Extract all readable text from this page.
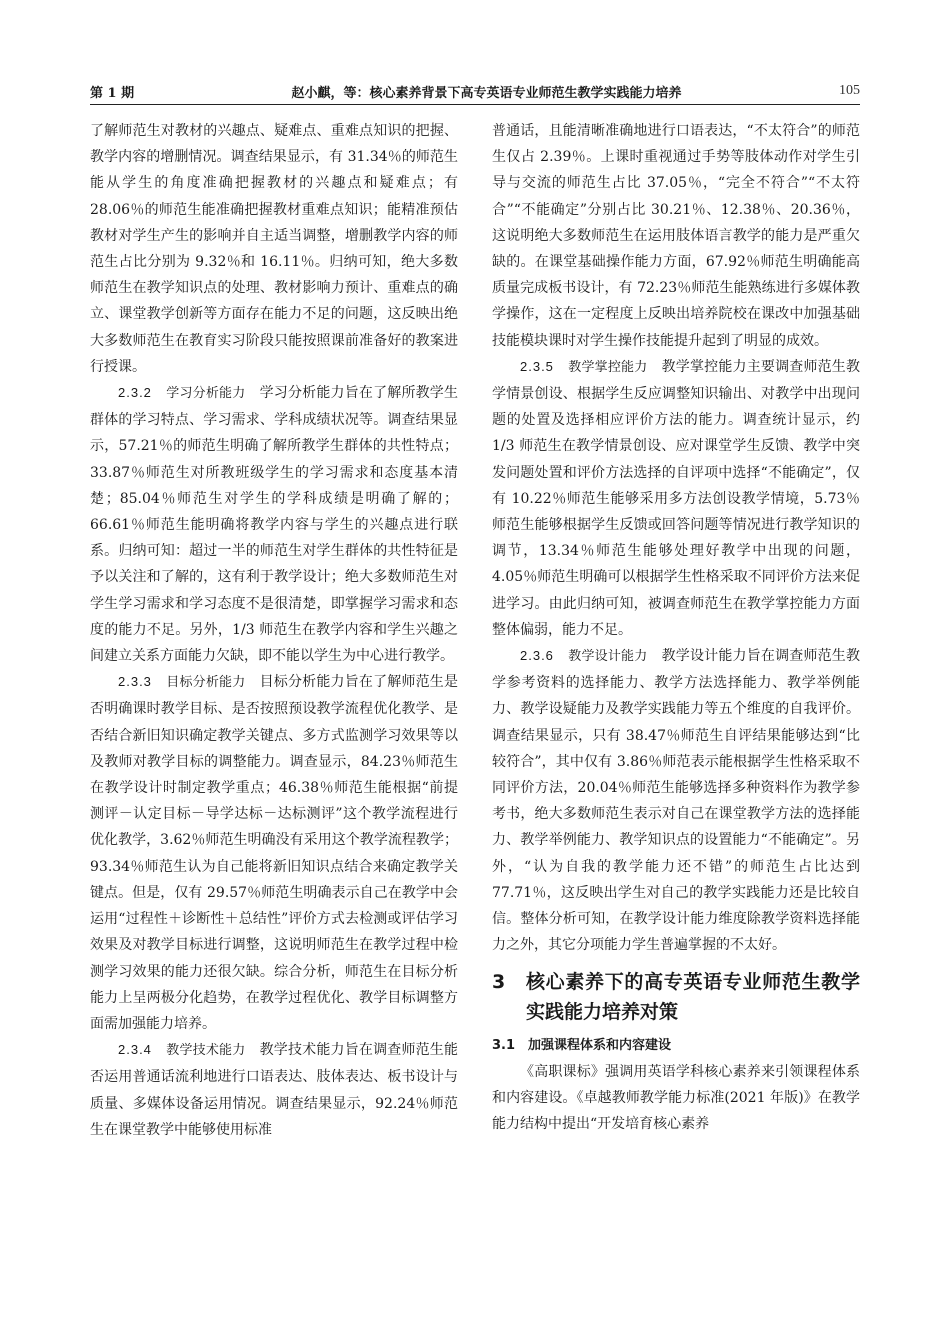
第 1 期	赵小麒，等：核心素养背景下高专英语专业师范生教学实践能力培养	105

了解师范生对教材的兴趣点、疑难点、重难点知识的把握、教学内容的增删情况。调查结果显示，有 31.34％的师范生能从学生的角度准确把握教材的兴趣点和疑难点；有 28.06％的师范生能准确把握教材重难点知识；能精准预估教材对学生产生的影响并自主适当调整，增删教学内容的师范生占比分别为 9.32％和 16.11％。归纳可知，绝大多数师范生在教学知识点的处理、教材影响力预计、重难点的确立、课堂教学创新等方面存在能力不足的问题，这反映出绝大多数师范生在教育实习阶段只能按照课前准备好的教案进行授课。

2.3.2　 学习分析能力　 学习分析能力旨在了解所教学生群体的学习特点、学习需求、学科成绩状况等。调查结果显示，57.21％的师范生明确了解所教学生群体的共性特点；33.87％师范生对所教班级学生的学习需求和态度基本清楚；85.04％师范生对学生的学科成绩是明确了解的；66.61％师范生能明确将教学内容与学生的兴趣点进行联系。归纳可知：超过一半的师范生对学生群体的共性特征是予以关注和了解的，这有利于教学设计；绝大多数师范生对学生学习需求和学习态度不是很清楚，即掌握学习需求和态度的能力不足。另外，1/3 师范生在教学内容和学生兴趣之间建立关系方面能力欠缺，即不能以学生为中心进行教学。

2.3.3　 目标分析能力　 目标分析能力旨在了解师范生是否明确课时教学目标、是否按照预设教学流程优化教学、是否结合新旧知识确定教学关键点、多方式监测学习效果等以及教师对教学目标的调整能力。调查显示，84.23％师范生在教学设计时制定教学重点；46.38％师范生能根据“前提测评－认定目标－导学达标－达标测评”这个教学流程进行优化教学，3.62％师范生明确没有采用这个教学流程教学；93.34％师范生认为自己能将新旧知识点结合来确定教学关键点。但是，仅有 29.57％师范生明确表示自己在教学中会运用“过程性＋诊断性＋总结性”评价方式去检测或评估学习效果及对教学目标进行调整，这说明师范生在教学过程中检测学习效果的能力还很欠缺。综合分析，师范生在目标分析能力上呈两极分化趋势，在教学过程优化、教学目标调整方面需加强能力培养。

2.3.4　 教学技术能力　 教学技术能力旨在调查师范生能否运用普通话流利地进行口语表达、肢体表达、板书设计与质量、多媒体设备运用情况。调查结果显示，92.24％师范生在课堂教学中能够使用标准

普通话，且能清晰准确地进行口语表达，“不太符合”的师范生仅占 2.39％。上课时重视通过手势等肢体动作对学生引导与交流的师范生占比 37.05％，“完全不符合”“不太符合”“不能确定”分别占比 30.21％、12.38％、20.36％，这说明绝大多数师范生在运用肢体语言教学的能力是严重欠缺的。在课堂基础操作能力方面，67.92％师范生明确能高质量完成板书设计，有 72.23％师范生能熟练进行多媒体教学操作，这在一定程度上反映出培养院校在课改中加强基础技能模块课时对学生操作技能提升起到了明显的成效。

2.3.5　 教学掌控能力　 教学掌控能力主要调查师范生教学情景创设、根据学生反应调整知识输出、对教学中出现问题的处置及选择相应评价方法的能力。调查统计显示，约 1/3 师范生在教学情景创设、应对课堂学生反馈、教学中突发问题处置和评价方法选择的自评项中选择“不能确定”，仅有 10.22％师范生能够采用多方法创设教学情境，5.73％师范生能够根据学生反馈或回答问题等情况进行教学知识的调节，13.34％师范生能够处理好教学中出现的问题，4.05％师范生明确可以根据学生性格采取不同评价方法来促进学习。由此归纳可知，被调查师范生在教学掌控能力方面整体偏弱，能力不足。

2.3.6　 教学设计能力　 教学设计能力旨在调查师范生教学参考资料的选择能力、教学方法选择能力、教学举例能力、教学设疑能力及教学实践能力等五个维度的自我评价。调查结果显示，只有 38.47％师范生自评结果能够达到“比较符合”，其中仅有 3.86％师范表示能根据学生性格采取不同评价方法，20.04％师范生能够选择多种资料作为教学参考书，绝大多数师范生表示对自己在课堂教学方法的选择能力、教学举例能力、教学知识点的设置能力“不能确定”。另外，“认为自我的教学能力还不错”的师范生占比达到 77.71％，这反映出学生对自己的教学实践能力还是比较自信。整体分析可知，在教学设计能力维度除教学资料选择能力之外，其它分项能力学生普遍掌握的不太好。

3	核心素养下的高专英语专业师范生教学实践能力培养对策
3.1　 加强课程体系和内容建设

《高职课标》强调用英语学科核心素养来引领课程体系和内容建设。《卓越教师教学能力标准(2021 年版)》在教学能力结构中提出“开发培育核心素养
